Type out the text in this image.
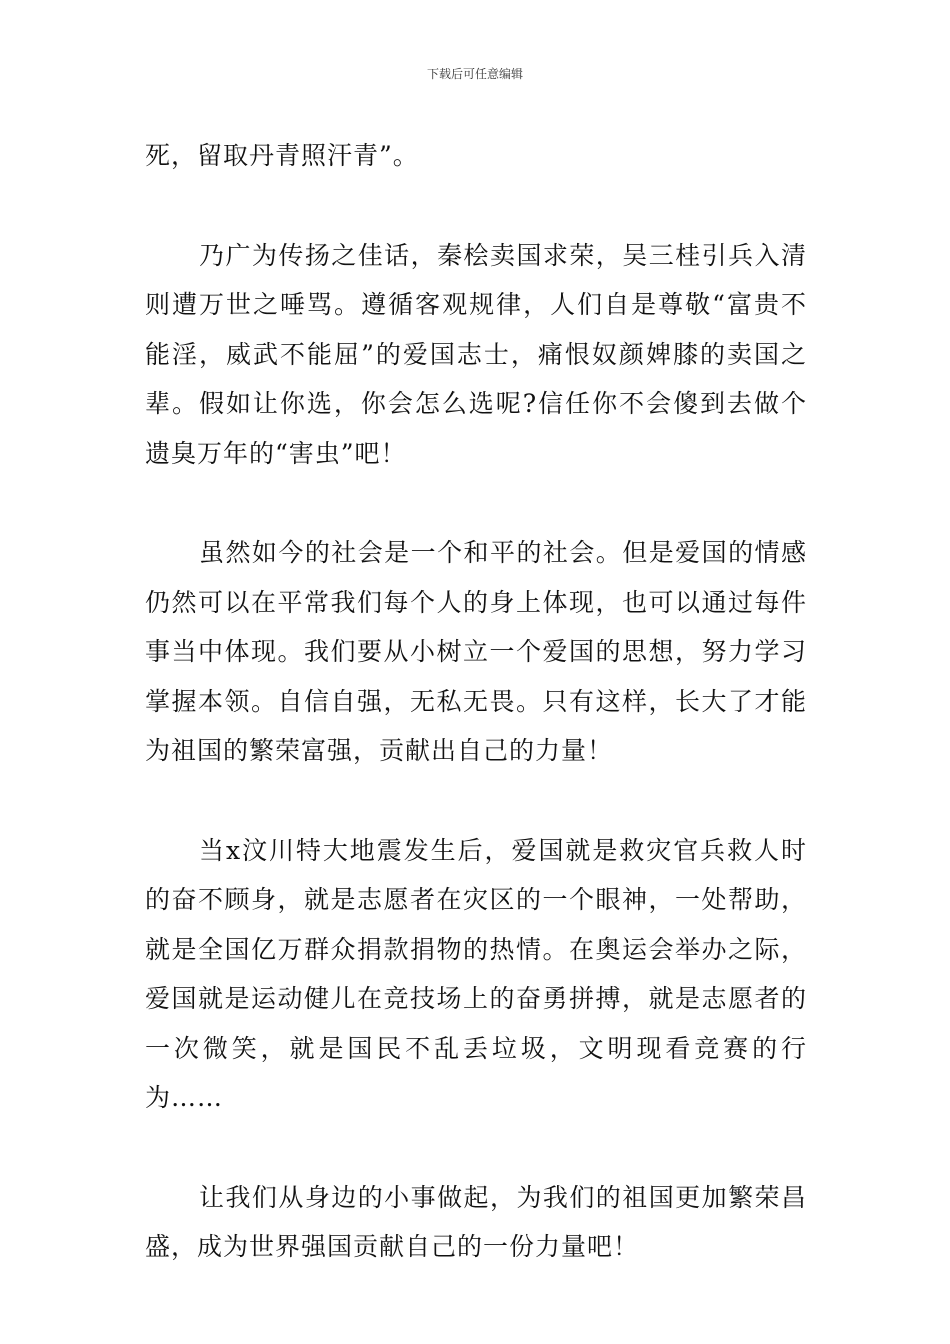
下载后可任意编辑

死，留取丹青照汗青”。

乃广为传扬之佳话，秦桧卖国求荣，吴三桂引兵入清则遭万世之唾骂。遵循客观规律，人们自是尊敬“富贵不能淫，威武不能屈”的爱国志士，痛恨奴颜婢膝的卖国之辈。假如让你选，你会怎么选呢?信任你不会傻到去做个遗臭万年的“害虫”吧！

虽然如今的社会是一个和平的社会。但是爱国的情感仍然可以在平常我们每个人的身上体现，也可以通过每件事当中体现。我们要从小树立一个爱国的思想，努力学习掌握本领。自信自强，无私无畏。只有这样，长大了才能为祖国的繁荣富强，贡献出自己的力量！

当x汶川特大地震发生后，爱国就是救灾官兵救人时的奋不顾身，就是志愿者在灾区的一个眼神，一处帮助，就是全国亿万群众捐款捐物的热情。在奥运会举办之际，爱国就是运动健儿在竞技场上的奋勇拼搏，就是志愿者的一次微笑，就是国民不乱丢垃圾，文明现看竞赛的行为……

让我们从身边的小事做起，为我们的祖国更加繁荣昌盛，成为世界强国贡献自己的一份力量吧！
